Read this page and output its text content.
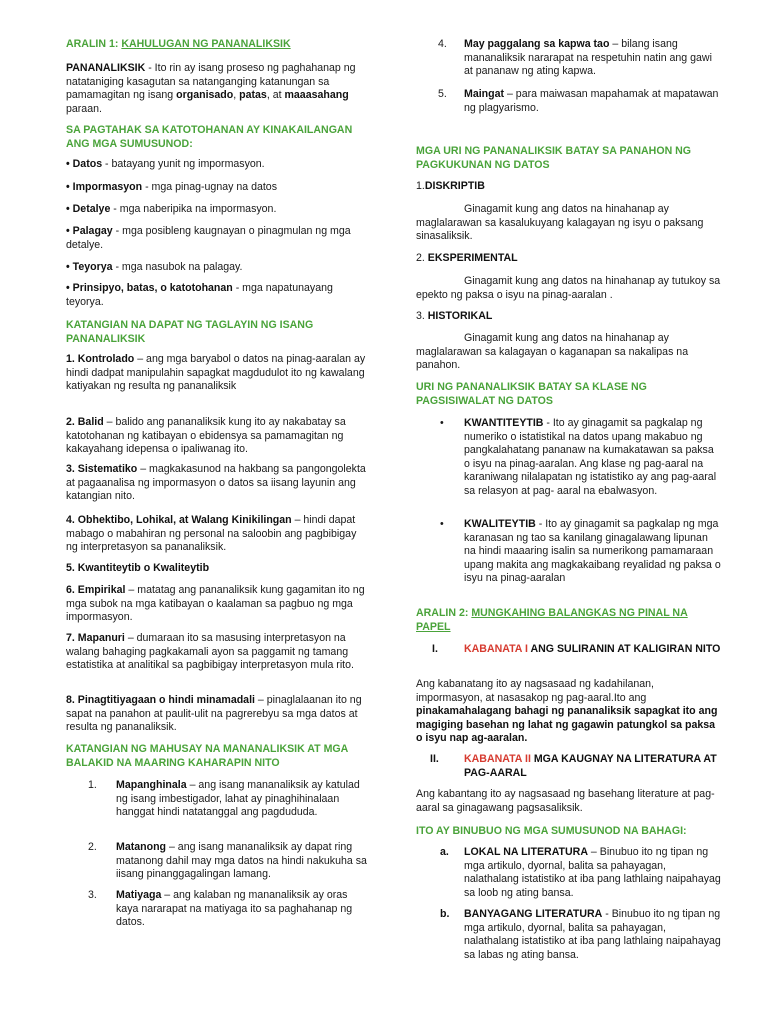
ARALIN 1: KAHULUGAN NG PANANALIKSIK

PANANALIKSIK - Ito rin ay isang proseso ng paghahanap ng natataniging kasagutan sa natanganging katanungan sa pamamagitan ng isang organisado, patas, at maaasahang paraan.

SA PAGTAHAK SA KATOTOHANAN AY KINAKAILANGAN ANG MGA SUMUSUNOD:

• Datos - batayang yunit ng impormasyon.

• Impormasyon - mga pinag-ugnay na datos

• Detalye - mga naberipika na impormasyon.

• Palagay - mga posibleng kaugnayan o pinagmulan ng mga detalye.

• Teyorya - mga nasubok na palagay.

• Prinsipyo, batas, o katotohanan - mga napatunayang teyorya.

KATANGIAN NA DAPAT NG TAGLAYIN NG ISANG PANANALIKSIK

1. Kontrolado – ang mga baryabol o datos na pinag-aaralan ay hindi dadpat manipulahin sapagkat magdudulot ito ng kawalang katiyakan ng resulta ng pananaliksik

2. Balid – balido ang pananaliksik kung ito ay nakabatay sa katotohanan ng katibayan o ebidensya sa pamamagitan ng kakayahang idepensa o ipaliwanag ito.

3. Sistematiko – magkakasunod na hakbang sa pangongolekta at pagaanalisa ng impormasyon o datos sa iisang layunin ang katangian nito.

4. Obhektibo, Lohikal, at Walang Kinikilingan – hindi dapat mabago o mabahiran ng personal na saloobin ang pagbibigay ng interpretasyon sa pananaliksik.

5. Kwantiteytib o Kwaliteytib

6. Empirikal – matatag ang pananaliksik kung gagamitan ito ng mga subok na mga katibayan o kaalaman sa pagbuo ng mga impormasyon.

7. Mapanuri – dumaraan ito sa masusing interpretasyon na walang bahaging pagkakamali ayon sa paggamit ng tamang estatistika at analitikal sa pagbibigay interpretasyon mula rito.

8. Pinagtitiyagaan o hindi minamadali – pinaglalaanan ito ng sapat na panahon at paulit-ulit na pagrerebyu sa mga datos at resulta ng pananaliksik.

KATANGIAN NG MAHUSAY NA MANANALIKSIK AT MGA BALAKID NA MAARING KAHARAPIN NITO
1. Mapanghinala – ang isang mananaliksik ay katulad ng isang imbestigador, lahat ay pinaghihinalaan hanggat hindi natatanggal ang pagdududa.

2. Matanong – ang isang mananaliksik ay dapat ring matanong dahil may mga datos na hindi nakukuha sa iisang pinanggagalingan lamang.

3. Matiyaga – ang kalaban ng mananaliksik ay oras kaya nararapat na matiyaga ito sa paghahanap ng datos.

4. May paggalang sa kapwa tao – bilang isang mananaliksik nararapat na respetuhin natin ang gawi at pananaw ng ating kapwa.

5. Maingat – para maiwasan mapahamak at mapatawan ng plagyarismo.

MGA URI NG PANANALIKSIK BATAY SA PANAHON NG PAGKUKUNAN NG DATOS

1.DISKRIPTIB

Ginagamit kung ang datos na hinahanap ay maglalarawan sa kasalukuyang kalagayan ng isyu o paksang sinasaliksik.

2. EKSPERIMENTAL

Ginagamit kung ang datos na hinahanap ay tutukoy sa epekto ng paksa o isyu na pinag-aaralan .

3. HISTORIKAL

Ginagamit kung ang datos na hinahanap ay maglalarawan sa kalagayan o kaganapan sa nakalipas na panahon.

URI NG PANANALIKSIK BATAY SA KLASE NG PAGSISIWALAT NG DATOS
• KWANTITEYTIB - Ito ay ginagamit sa pagkalap ng numeriko o istatistikal na datos upang makabuo ng pangkalahatang pananaw na kumakatawan sa paksa o isyu na pinag-aaralan. Ang klase ng pag-aaral na karaniwang nilalapatan ng istatistiko ay ang pag-aaral sa relasyon at pag- aaral na ebalwasyon.

• KWALITEYTIB - Ito ay ginagamit sa pagkalap ng mga karanasan ng tao sa kanilang ginagalawang lipunan na hindi maaaring isalin sa numerikong pamamaraan upang makita ang magkakaibang reyalidad ng paksa o isyu na pinag-aaralan

ARALIN 2: MUNGKAHING BALANGKAS NG PINAL NA PAPEL
I. KABANATA I ANG SULIRANIN AT KALIGIRAN NITO

Ang kabanatang ito ay nagsasaad ng kadahilanan, impormasyon, at nasasakop ng pag-aaral.Ito ang pinakamahalagang bahagi ng pananaliksik sapagkat ito ang magiging basehan ng lahat ng gagawin patungkol sa paksa o isyu nap ag-aaralan.

II. KABANATA II MGA KAUGNAY NA LITERATURA AT PAG-AARAL

Ang kabantang ito ay nagsasaad ng basehang literature at pag-aaral sa ginagawang pagsasaliksik.

ITO AY BINUBUO NG MGA SUMUSUNOD NA BAHAGI:
a. LOKAL NA LITERATURA – Binubuo ito ng tipan ng mga artikulo, dyornal, balita sa pahayagan, nalathalang istatistiko at iba pang lathlaing naipahayag sa loob ng ating bansa.

b. BANYAGANG LITERATURA - Binubuo ito ng tipan ng mga artikulo, dyornal, balita sa pahayagan, nalathalang istatistiko at iba pang lathlaing naipahayag sa labas ng ating bansa.
